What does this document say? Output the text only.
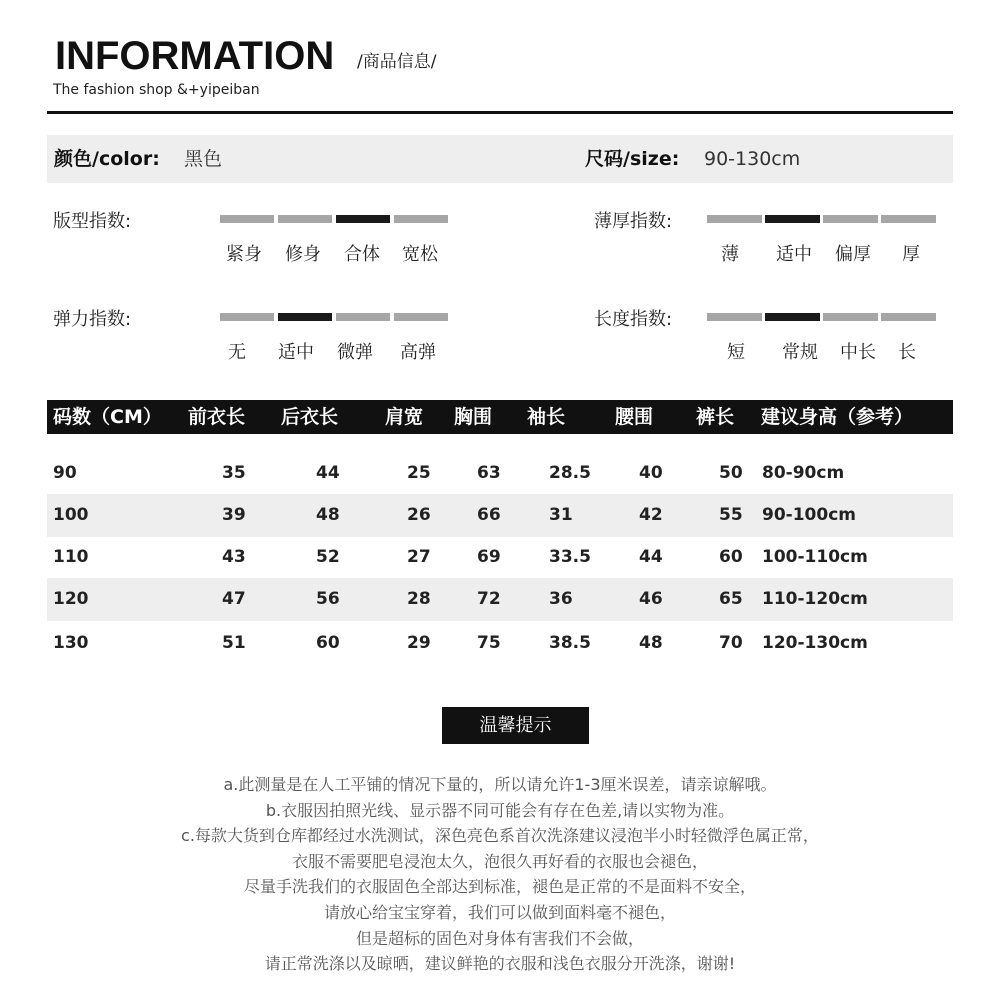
INFORMATION /商品信息/
The fashion shop &+yipeiban
颜色/color: 黑色	尺码/size: 90-130cm
版型指数:
紧身	修身	合体	宽松
薄厚指数:
薄	适中	偏厚	厚
弹力指数:
无	适中	微弹	高弹
长度指数:
短	常规	中长	长
码数（CM） 前衣长 后衣长 肩宽 胸围 袖长	腰围 裤长 建议身高（参考）
90	35	44	25	63	28.5	40	50 80-90cm
100	39	48	26	66	31	42	55 90-100cm
110	43	52	27	69	33.5	44	60 100-110cm
120	47	56	28	72	36	46	65 110-120cm
130	51	60	29	75	38.5	48	70 120-130cm
温馨提示
a.此测量是在人工平铺的情况下量的，所以请允许1-3厘米误差，请亲谅解哦。
b.衣服因拍照光线、显示器不同可能会有存在色差,请以实物为准。
c.每款大货到仓库都经过水洗测试，深色亮色系首次洗涤建议浸泡半小时轻微浮色属正常，
衣服不需要肥皂浸泡太久，泡很久再好看的衣服也会褪色，
尽量手洗我们的衣服固色全部达到标准，褪色是正常的不是面料不安全，
请放心给宝宝穿着，我们可以做到面料毫不褪色，
但是超标的固色对身体有害我们不会做，
请正常洗涤以及晾晒，建议鲜艳的衣服和浅色衣服分开洗涤，谢谢!
